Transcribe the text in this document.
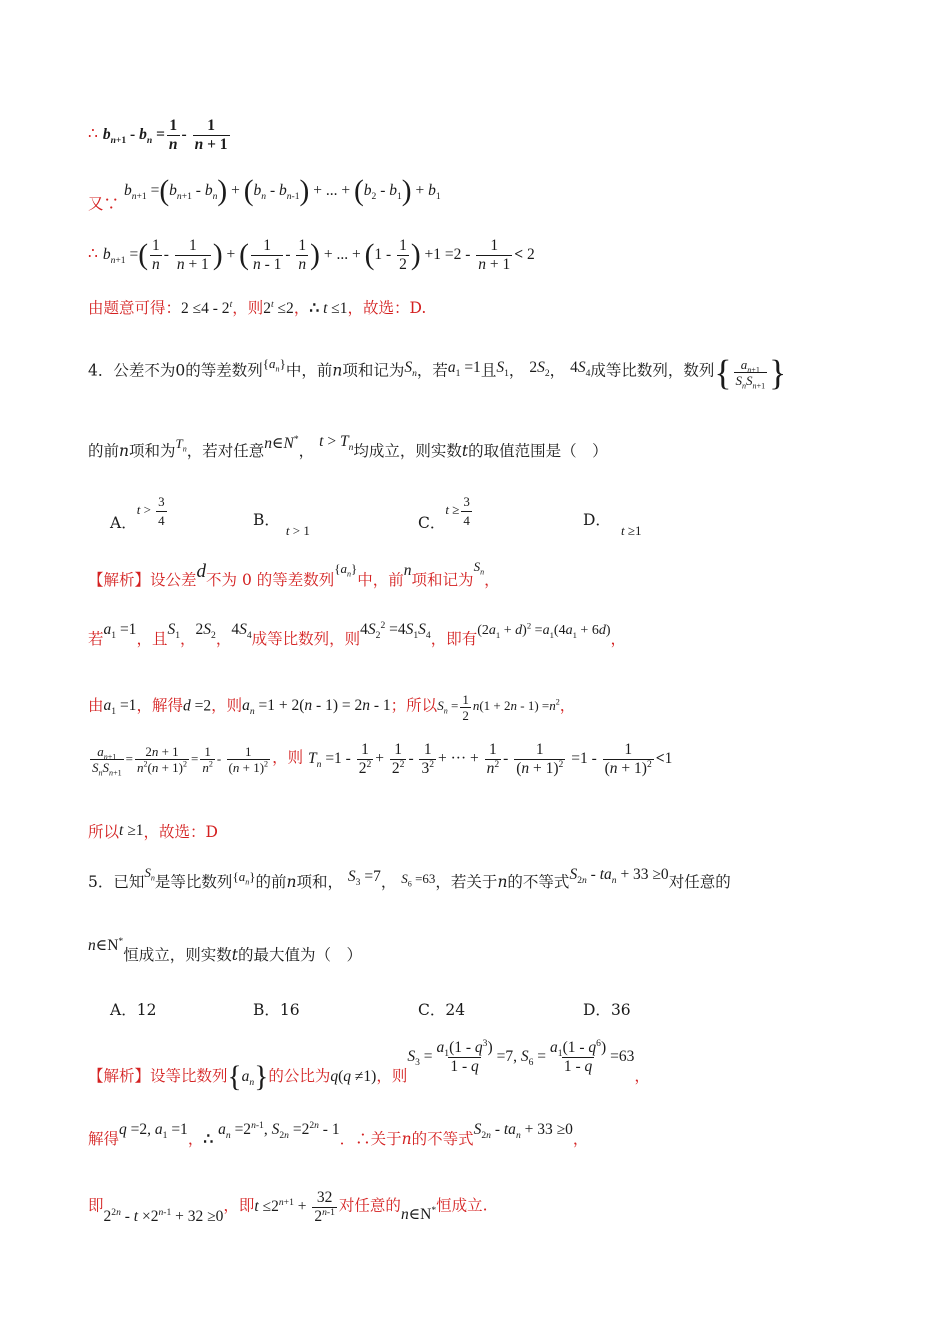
∴ $b_{n+1} - b_n = \frac{1}{n} - \frac{1}{n + 1}$
又∵ $b_{n+1} =(b_{n+1} - b_n) + (b_n - b_{n-1})$ + ... + $(b_2 - b_1) + b_1$
∴ $b_{n+1}$ =( $\frac{1}{n} - \frac{1}{n + 1}$ ) + ( $\frac{1}{n - 1} - \frac{1}{n}$ ) + ... + ($1 - \frac{1}{2}$ ) $+1 =2 - \frac{1}{n + 1} < 2$
由题意可得：2 ≤4 - 2$^t$，则$2^t \le 2$，∴ t ≤1，故选：D.
4．公差不为0的等差数列$^{\{a_n\}}$中，前n项和记为$S_n$，若$a_1 =1$且$S_1$， $2S_2$， $4S_4$成等比数列，数列{ $\frac{a_{n+1}}{S_nS_{n+1}}$ }
的前n项和为$^{T_n}$，若对任意n∈N*， $t > T_n$均成立，则实数t的取值范围是（　）
A．$t > \frac{3}{4}$	B．$_{t > 1}$	C．$t \ge \frac{3}{4}$	D．$_{t \ge 1}$
【解析】设公差d不为 0 的等差数列$^{\{a_n\}}$中，前n项和记为$^{S_n}$，
若$a_1 =1$，且$S_1$，$2S_2$，$4S_4$成等比数列，则$4S_2^2 =4S_1S_4$，即有$(2a_1 + d)^2 =a_1(4a_1 + 6d)$，
由$a_1 =1$，解得d =2，则$a_n =1 + 2(n - 1) = 2n - 1$；所以$S_n = \frac{1}{2} n(1 + 2n - 1) =n^2$，
$\frac{a_{n+1}}{S_nS_{n+1}} = \frac{2n + 1}{n^2(n + 1)^2} = \frac{1}{n^2} - \frac{1}{(n + 1)^2}$ ，则 $T_n =1 - \frac{1}{2^2} + \frac{1}{2^2} - \frac{1}{3^2}$ + ··· + $\frac{1}{n^2} - \frac{1}{(n + 1)^2} =1 - \frac{1}{(n + 1)^2} <1$
所以t ≥1，故选：D
5．已知$^{S_n}$是等比数列$^{\{a_n\}}$的前n项和， $S_3 =7$， $^{S_6 =63}$，若关于n的不等式$S_{2n} - ta_n + 33 \ge 0$对任意的
n∈N*恒成立，则实数t的最大值为（　）
A．12	B．16	C．24	D．36
【解析】设等比数列$\{a_n\}$的公比为q(q ≠1)，则$S_3 = \frac{a_1(1 - q^3)}{1 - q} =7$, $S_6 = \frac{a_1(1 - q^6)}{1 - q} =63$，
解得q =2, $a_1 =1$，∴ $a_n =2^{n-1}$, $S_{2n} =2^{2n} - 1$．∴关于n的不等式$S_{2n} - ta_n + 33 \ge 0$，
即$2^{2n} - t \times 2^{n-1} + 32 \ge 0$，即$t \le 2^{n+1} + \frac{32}{2^{n-1}}$ 对任意的n∈N*恒成立.
